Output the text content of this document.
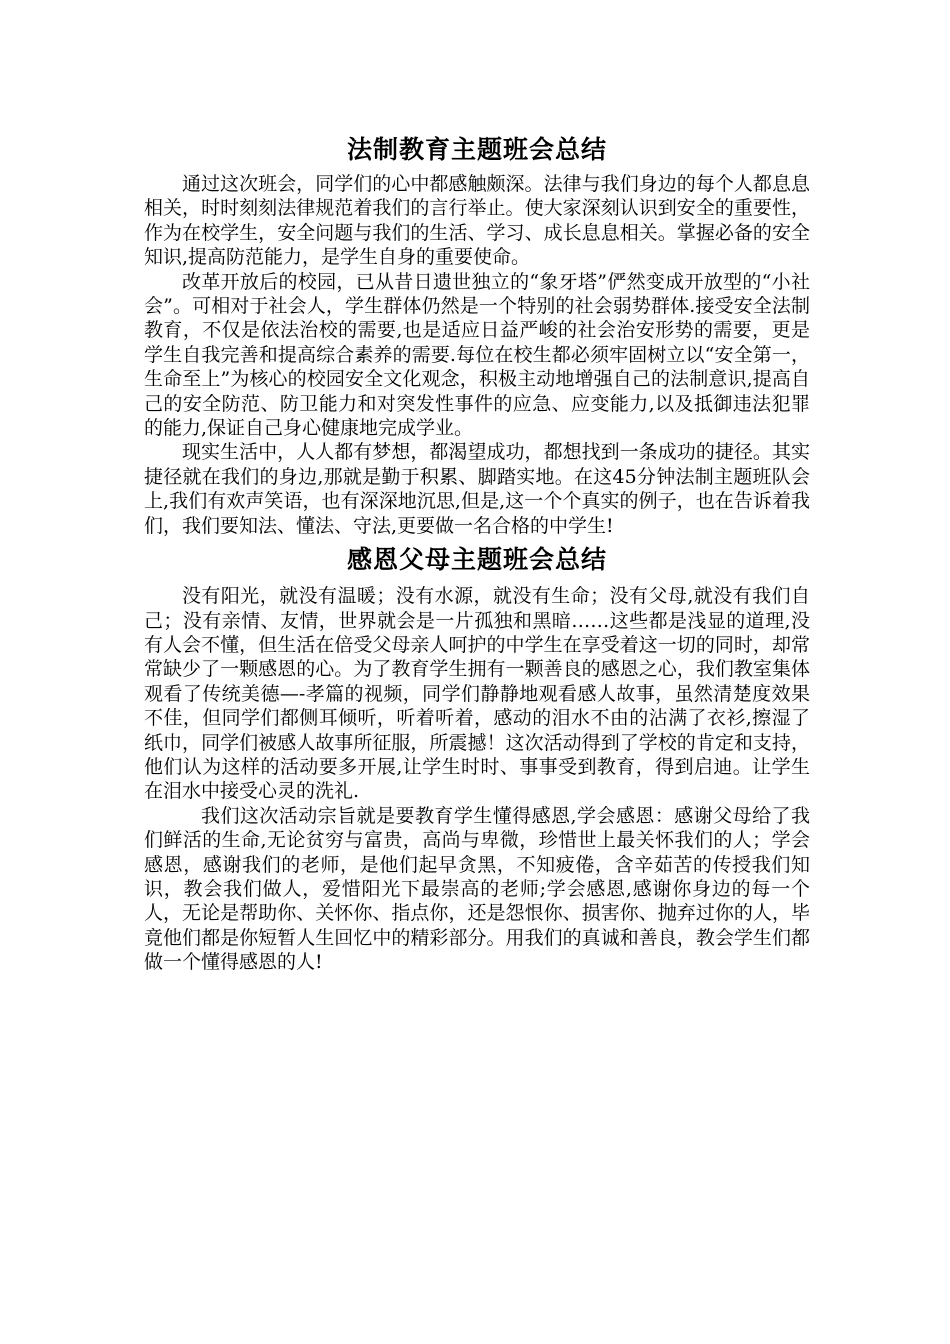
法制教育主题班会总结

通过这次班会，同学们的心中都感触颇深。法律与我们身边的每个人都息息相关，时时刻刻法律规范着我们的言行举止。使大家深刻认识到安全的重要性，作为在校学生，安全问题与我们的生活、学习、成长息息相关。掌握必备的安全知识,提高防范能力，是学生自身的重要使命。

改革开放后的校园，已从昔日遗世独立的“象牙塔”俨然变成开放型的“小社会”。可相对于社会人，学生群体仍然是一个特别的社会弱势群体.接受安全法制教育，不仅是依法治校的需要,也是适应日益严峻的社会治安形势的需要，更是学生自我完善和提高综合素养的需要.每位在校生都必须牢固树立以“安全第一，生命至上”为核心的校园安全文化观念，积极主动地增强自己的法制意识,提高自己的安全防范、防卫能力和对突发性事件的应急、应变能力,以及抵御违法犯罪的能力,保证自己身心健康地完成学业。

现实生活中，人人都有梦想，都渴望成功，都想找到一条成功的捷径。其实捷径就在我们的身边,那就是勤于积累、脚踏实地。在这45分钟法制主题班队会上,我们有欢声笑语，也有深深地沉思,但是,这一个个真实的例子，也在告诉着我们，我们要知法、懂法、守法,更要做一名合格的中学生!

感恩父母主题班会总结

没有阳光，就没有温暖；没有水源，就没有生命；没有父母,就没有我们自己；没有亲情、友情，世界就会是一片孤独和黑暗……这些都是浅显的道理,没有人会不懂，但生活在倍受父母亲人呵护的中学生在享受着这一切的同时，却常常缺少了一颗感恩的心。为了教育学生拥有一颗善良的感恩之心，我们教室集体观看了传统美德—-孝篇的视频，同学们静静地观看感人故事，虽然清楚度效果不佳，但同学们都侧耳倾听，听着听着，感动的泪水不由的沾满了衣衫,擦湿了纸巾，同学们被感人故事所征服，所震撼！这次活动得到了学校的肯定和支持，他们认为这样的活动要多开展,让学生时时、事事受到教育，得到启迪。让学生在泪水中接受心灵的洗礼.

我们这次活动宗旨就是要教育学生懂得感恩,学会感恩：感谢父母给了我们鲜活的生命,无论贫穷与富贵，高尚与卑微，珍惜世上最关怀我们的人；学会感恩，感谢我们的老师，是他们起早贪黑，不知疲倦，含辛茹苦的传授我们知识，教会我们做人，爱惜阳光下最崇高的老师;学会感恩,感谢你身边的每一个人，无论是帮助你、关怀你、指点你，还是怨恨你、损害你、抛弃过你的人，毕竟他们都是你短暂人生回忆中的精彩部分。用我们的真诚和善良，教会学生们都做一个懂得感恩的人!
